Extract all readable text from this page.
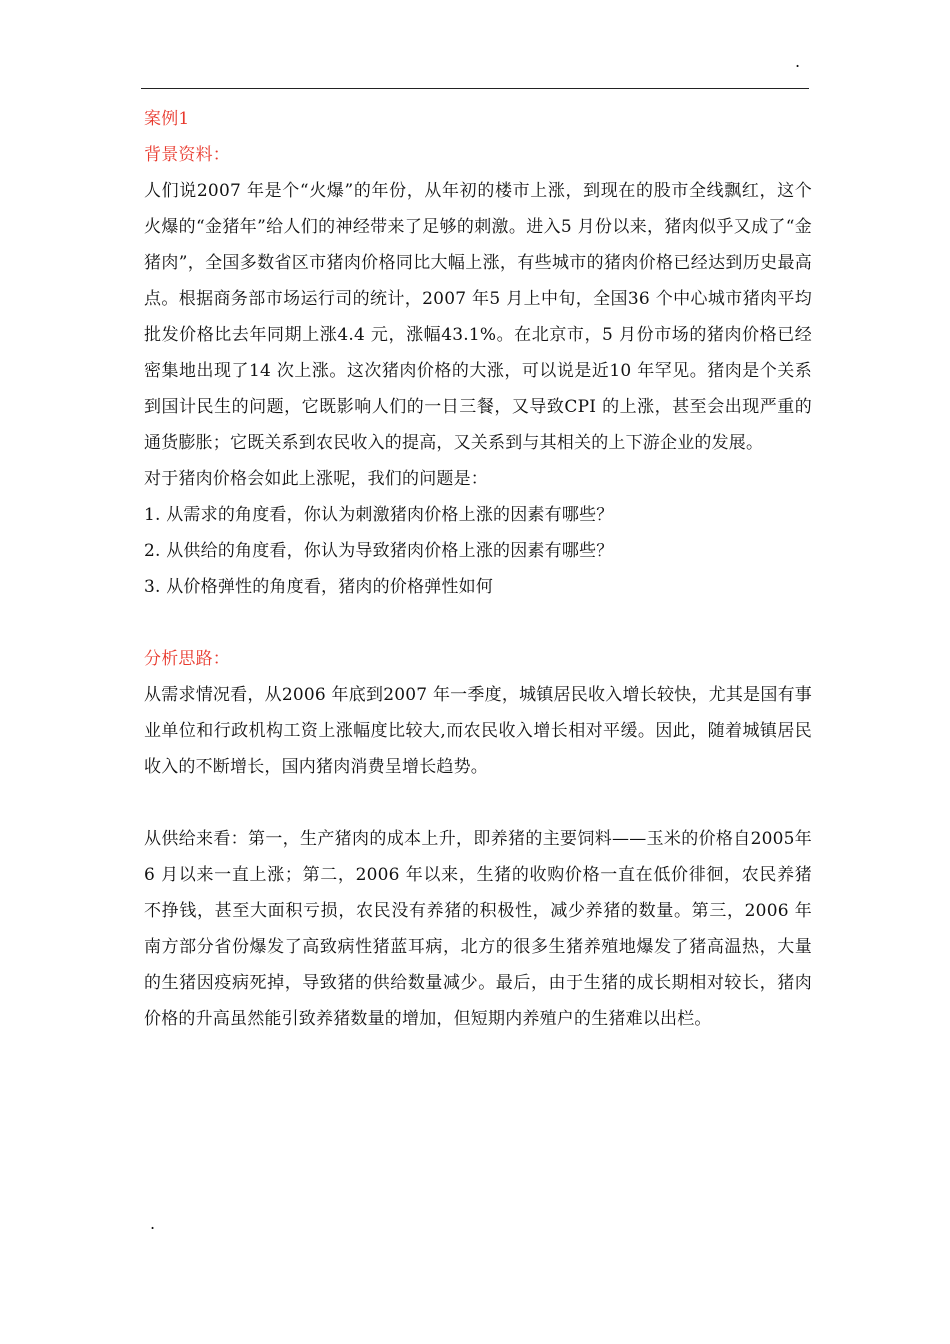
.

案例1

背景资料：

人们说2007 年是个“火爆”的年份，从年初的楼市上涨，到现在的股市全线飘红，这个火爆的“金猪年”给人们的神经带来了足够的刺激。进入5 月份以来，猪肉似乎又成了“金猪肉”，全国多数省区市猪肉价格同比大幅上涨，有些城市的猪肉价格已经达到历史最高点。根据商务部市场运行司的统计，2007 年5 月上中旬，全国36 个中心城市猪肉平均批发价格比去年同期上涨4.4 元，涨幅43.1%。在北京市，5 月份市场的猪肉价格已经密集地出现了14 次上涨。这次猪肉价格的大涨，可以说是近10 年罕见。猪肉是个关系到国计民生的问题，它既影响人们的一日三餐，又导致CPI 的上涨，甚至会出现严重的通货膨胀；它既关系到农民收入的提高，又关系到与其相关的上下游企业的发展。

对于猪肉价格会如此上涨呢，我们的问题是：

1. 从需求的角度看，你认为刺激猪肉价格上涨的因素有哪些？

2. 从供给的角度看，你认为导致猪肉价格上涨的因素有哪些？

3. 从价格弹性的角度看，猪肉的价格弹性如何

分析思路：

从需求情况看，从2006 年底到2007 年一季度，城镇居民收入增长较快，尤其是国有事业单位和行政机构工资上涨幅度比较大,而农民收入增长相对平缓。因此，随着城镇居民收入的不断增长，国内猪肉消费呈增长趋势。

从供给来看：第一，生产猪肉的成本上升，即养猪的主要饲料——玉米的价格自2005年6 月以来一直上涨；第二，2006 年以来，生猪的收购价格一直在低价徘徊，农民养猪不挣钱，甚至大面积亏损，农民没有养猪的积极性，减少养猪的数量。第三，2006 年南方部分省份爆发了高致病性猪蓝耳病，北方的很多生猪养殖地爆发了猪高温热，大量的生猪因疫病死掉，导致猪的供给数量减少。最后，由于生猪的成长期相对较长，猪肉价格的升高虽然能引致养猪数量的增加，但短期内养殖户的生猪难以出栏。

.
